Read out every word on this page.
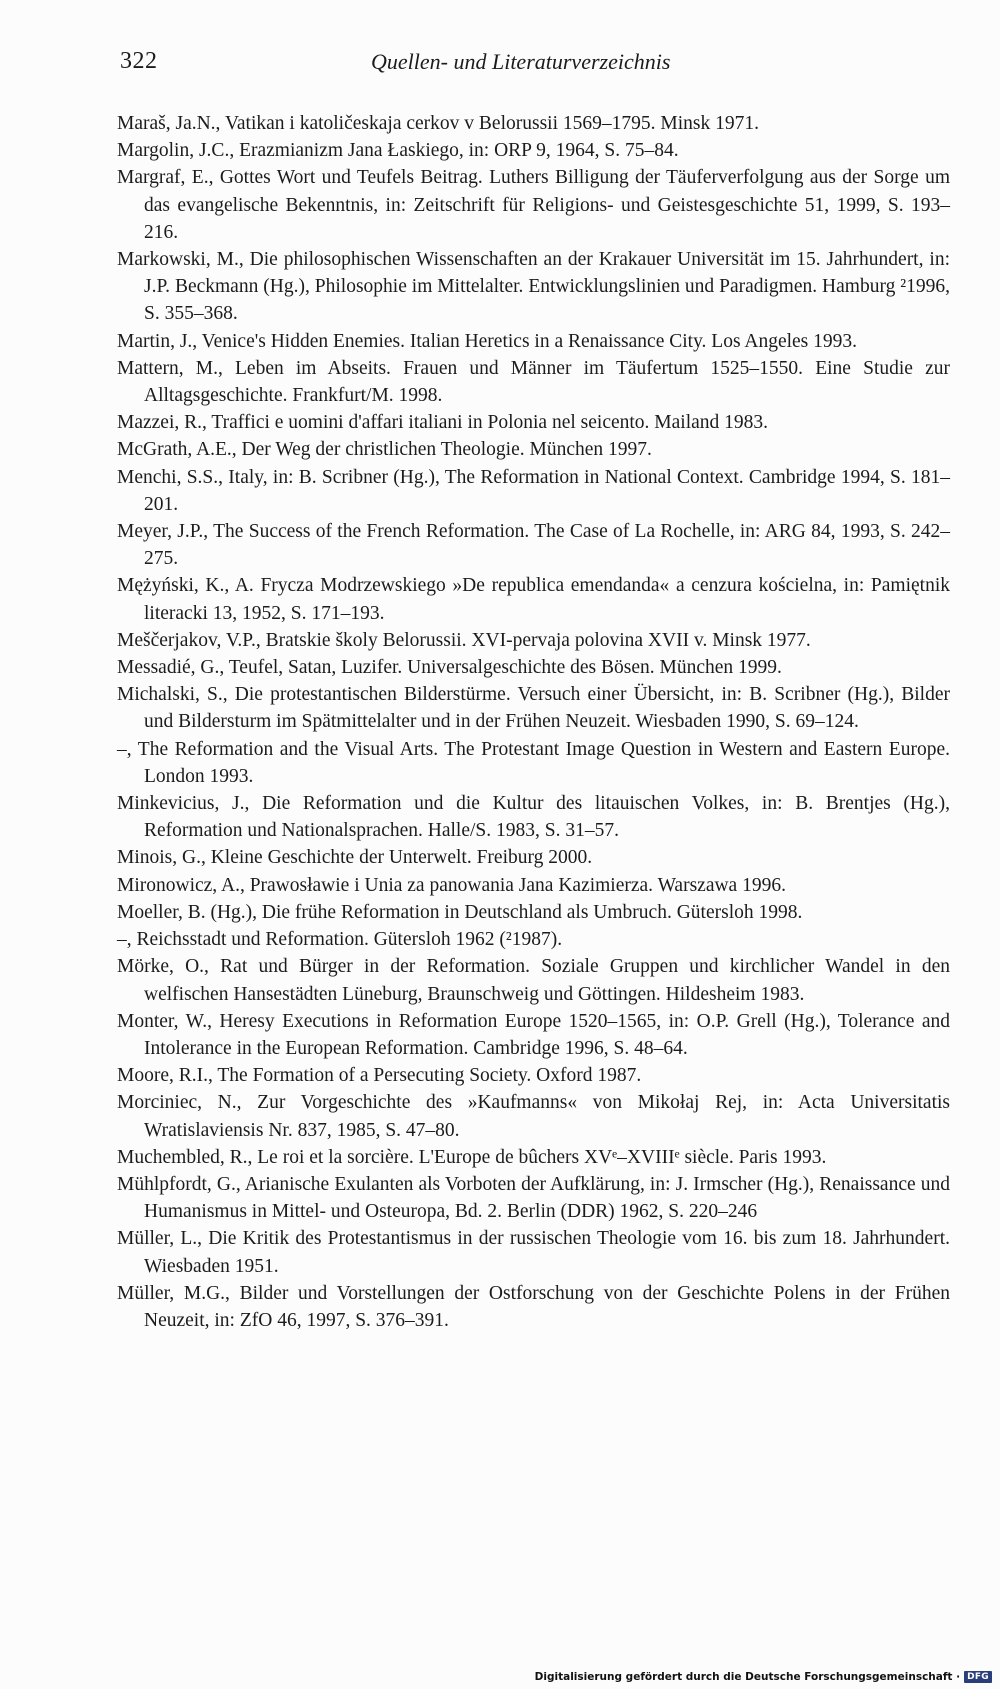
322	Quellen- und Literaturverzeichnis
Maraš, Ja.N., Vatikan i katoličeskaja cerkov v Belorussii 1569–1795. Minsk 1971.
Margolin, J.C., Erazmianizm Jana Łaskiego, in: ORP 9, 1964, S. 75–84.
Margraf, E., Gottes Wort und Teufels Beitrag. Luthers Billigung der Täuferverfolgung aus der Sorge um das evangelische Bekenntnis, in: Zeitschrift für Religions- und Geistesgeschichte 51, 1999, S. 193–216.
Markowski, M., Die philosophischen Wissenschaften an der Krakauer Universität im 15. Jahrhundert, in: J.P. Beckmann (Hg.), Philosophie im Mittelalter. Entwicklungslinien und Paradigmen. Hamburg ²1996, S. 355–368.
Martin, J., Venice's Hidden Enemies. Italian Heretics in a Renaissance City. Los Angeles 1993.
Mattern, M., Leben im Abseits. Frauen und Männer im Täufertum 1525–1550. Eine Studie zur Alltagsgeschichte. Frankfurt/M. 1998.
Mazzei, R., Traffici e uomini d'affari italiani in Polonia nel seicento. Mailand 1983.
McGrath, A.E., Der Weg der christlichen Theologie. München 1997.
Menchi, S.S., Italy, in: B. Scribner (Hg.), The Reformation in National Context. Cambridge 1994, S. 181–201.
Meyer, J.P., The Success of the French Reformation. The Case of La Rochelle, in: ARG 84, 1993, S. 242–275.
Mężyński, K., A. Frycza Modrzewskiego »De republica emendanda« a cenzura kościelna, in: Pamiętnik literacki 13, 1952, S. 171–193.
Meščerjakov, V.P., Bratskie školy Belorussii. XVI-pervaja polovina XVII v. Minsk 1977.
Messadié, G., Teufel, Satan, Luzifer. Universalgeschichte des Bösen. München 1999.
Michalski, S., Die protestantischen Bilderstürme. Versuch einer Übersicht, in: B. Scribner (Hg.), Bilder und Bildersturm im Spätmittelalter und in der Frühen Neuzeit. Wiesbaden 1990, S. 69–124.
–, The Reformation and the Visual Arts. The Protestant Image Question in Western and Eastern Europe. London 1993.
Minkevicius, J., Die Reformation und die Kultur des litauischen Volkes, in: B. Brentjes (Hg.), Reformation und Nationalsprachen. Halle/S. 1983, S. 31–57.
Minois, G., Kleine Geschichte der Unterwelt. Freiburg 2000.
Mironowicz, A., Prawosławie i Unia za panowania Jana Kazimierza. Warszawa 1996.
Moeller, B. (Hg.), Die frühe Reformation in Deutschland als Umbruch. Gütersloh 1998.
–, Reichsstadt und Reformation. Gütersloh 1962 (²1987).
Mörke, O., Rat und Bürger in der Reformation. Soziale Gruppen und kirchlicher Wandel in den welfischen Hansestädten Lüneburg, Braunschweig und Göttingen. Hildesheim 1983.
Monter, W., Heresy Executions in Reformation Europe 1520–1565, in: O.P. Grell (Hg.), Tolerance and Intolerance in the European Reformation. Cambridge 1996, S. 48–64.
Moore, R.I., The Formation of a Persecuting Society. Oxford 1987.
Morciniec, N., Zur Vorgeschichte des »Kaufmanns« von Mikołaj Rej, in: Acta Universitatis Wratislaviensis Nr. 837, 1985, S. 47–80.
Muchembled, R., Le roi et la sorcière. L'Europe de bûchers XVᵉ–XVIIIᵉ siècle. Paris 1993.
Mühlpfordt, G., Arianische Exulanten als Vorboten der Aufklärung, in: J. Irmscher (Hg.), Renaissance und Humanismus in Mittel- und Osteuropa, Bd. 2. Berlin (DDR) 1962, S. 220–246
Müller, L., Die Kritik des Protestantismus in der russischen Theologie vom 16. bis zum 18. Jahrhundert. Wiesbaden 1951.
Müller, M.G., Bilder und Vorstellungen der Ostforschung von der Geschichte Polens in der Frühen Neuzeit, in: ZfO 46, 1997, S. 376–391.
Digitalisierung gefördert durch die Deutsche Forschungsgemeinschaft · DFG
